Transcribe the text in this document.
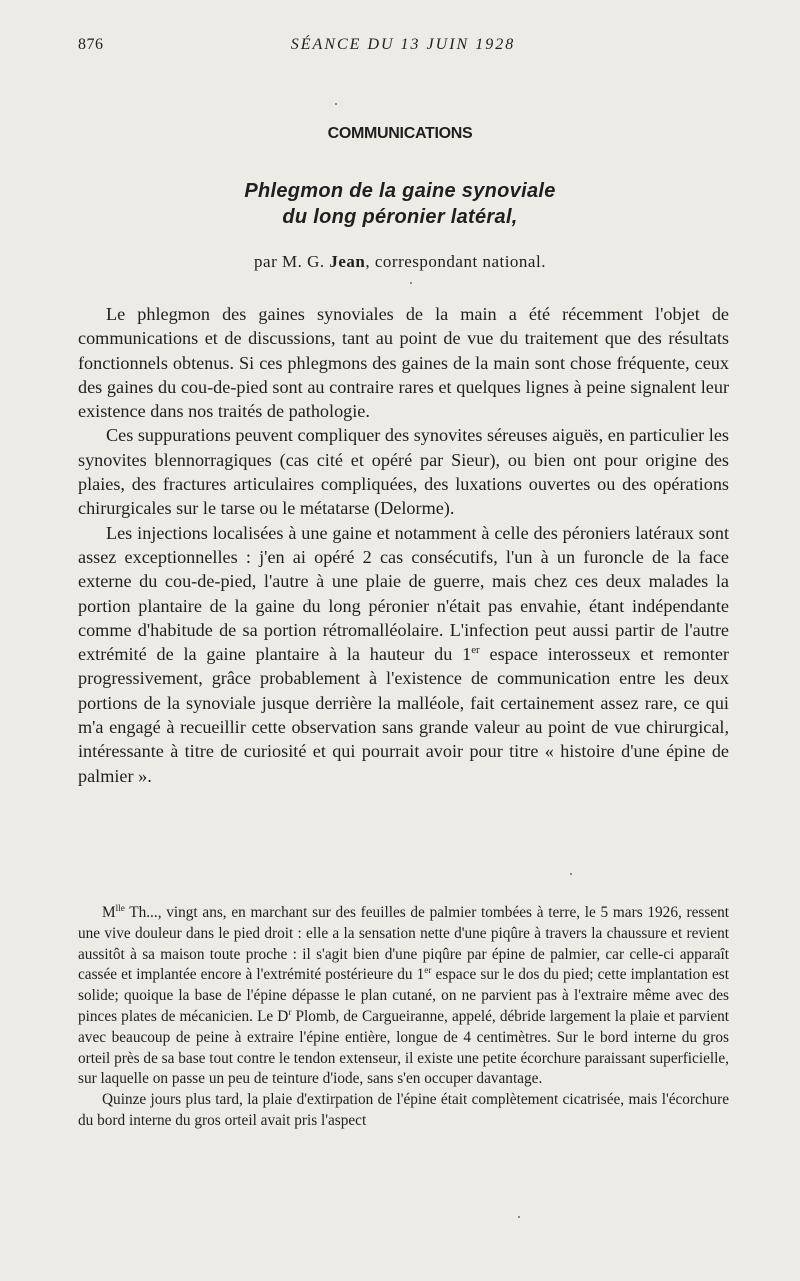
876	SÉANCE DU 13 JUIN 1928
COMMUNICATIONS
Phlegmon de la gaine synoviale
du long péronier latéral,
par M. G. Jean, correspondant national.

Le phlegmon des gaines synoviales de la main a été récemment l'objet de communications et de discussions, tant au point de vue du traitement que des résultats fonctionnels obtenus. Si ces phlegmons des gaines de la main sont chose fréquente, ceux des gaines du cou-de-pied sont au contraire rares et quelques lignes à peine signalent leur existence dans nos traités de pathologie.

Ces suppurations peuvent compliquer des synovites séreuses aiguës, en particulier les synovites blennorragiques (cas cité et opéré par Sieur), ou bien ont pour origine des plaies, des fractures articulaires compliquées, des luxations ouvertes ou des opérations chirurgicales sur le tarse ou le métatarse (Delorme).

Les injections localisées à une gaine et notamment à celle des péroniers latéraux sont assez exceptionnelles : j'en ai opéré 2 cas consécutifs, l'un à un furoncle de la face externe du cou-de-pied, l'autre à une plaie de guerre, mais chez ces deux malades la portion plantaire de la gaine du long péronier n'était pas envahie, étant indépendante comme d'habitude de sa portion rétromalléolaire. L'infection peut aussi partir de l'autre extrémité de la gaine plantaire à la hauteur du 1er espace interosseux et remonter progressivement, grâce probablement à l'existence de communication entre les deux portions de la synoviale jusque derrière la malléole, fait certainement assez rare, ce qui m'a engagé à recueillir cette observation sans grande valeur au point de vue chirurgical, intéressante à titre de curiosité et qui pourrait avoir pour titre « histoire d'une épine de palmier ».

$M^{lle}$ Th..., vingt ans, en marchant sur des feuilles de palmier tombées à terre, le 5 mars 1926, ressent une vive douleur dans le pied droit : elle a la sensation nette d'une piqûre à travers la chaussure et revient aussitôt à sa maison toute proche : il s'agit bien d'une piqûre par épine de palmier, car celle-ci apparaît cassée et implantée encore à l'extrémité postérieure du 1er espace sur le dos du pied; cette implantation est solide; quoique la base de l'épine dépasse le plan cutané, on ne parvient pas à l'extraire même avec des pinces plates de mécanicien. Le $D^r$ Plomb, de Cargueiranne, appelé, débride largement la plaie et parvient avec beaucoup de peine à extraire l'épine entière, longue de 4 centimètres. Sur le bord interne du gros orteil près de sa base tout contre le tendon extenseur, il existe une petite écorchure paraissant superficielle, sur laquelle on passe un peu de teinture d'iode, sans s'en occuper davantage.

Quinze jours plus tard, la plaie d'extirpation de l'épine était complètement cicatrisée, mais l'écorchure du bord interne du gros orteil avait pris l'aspect
